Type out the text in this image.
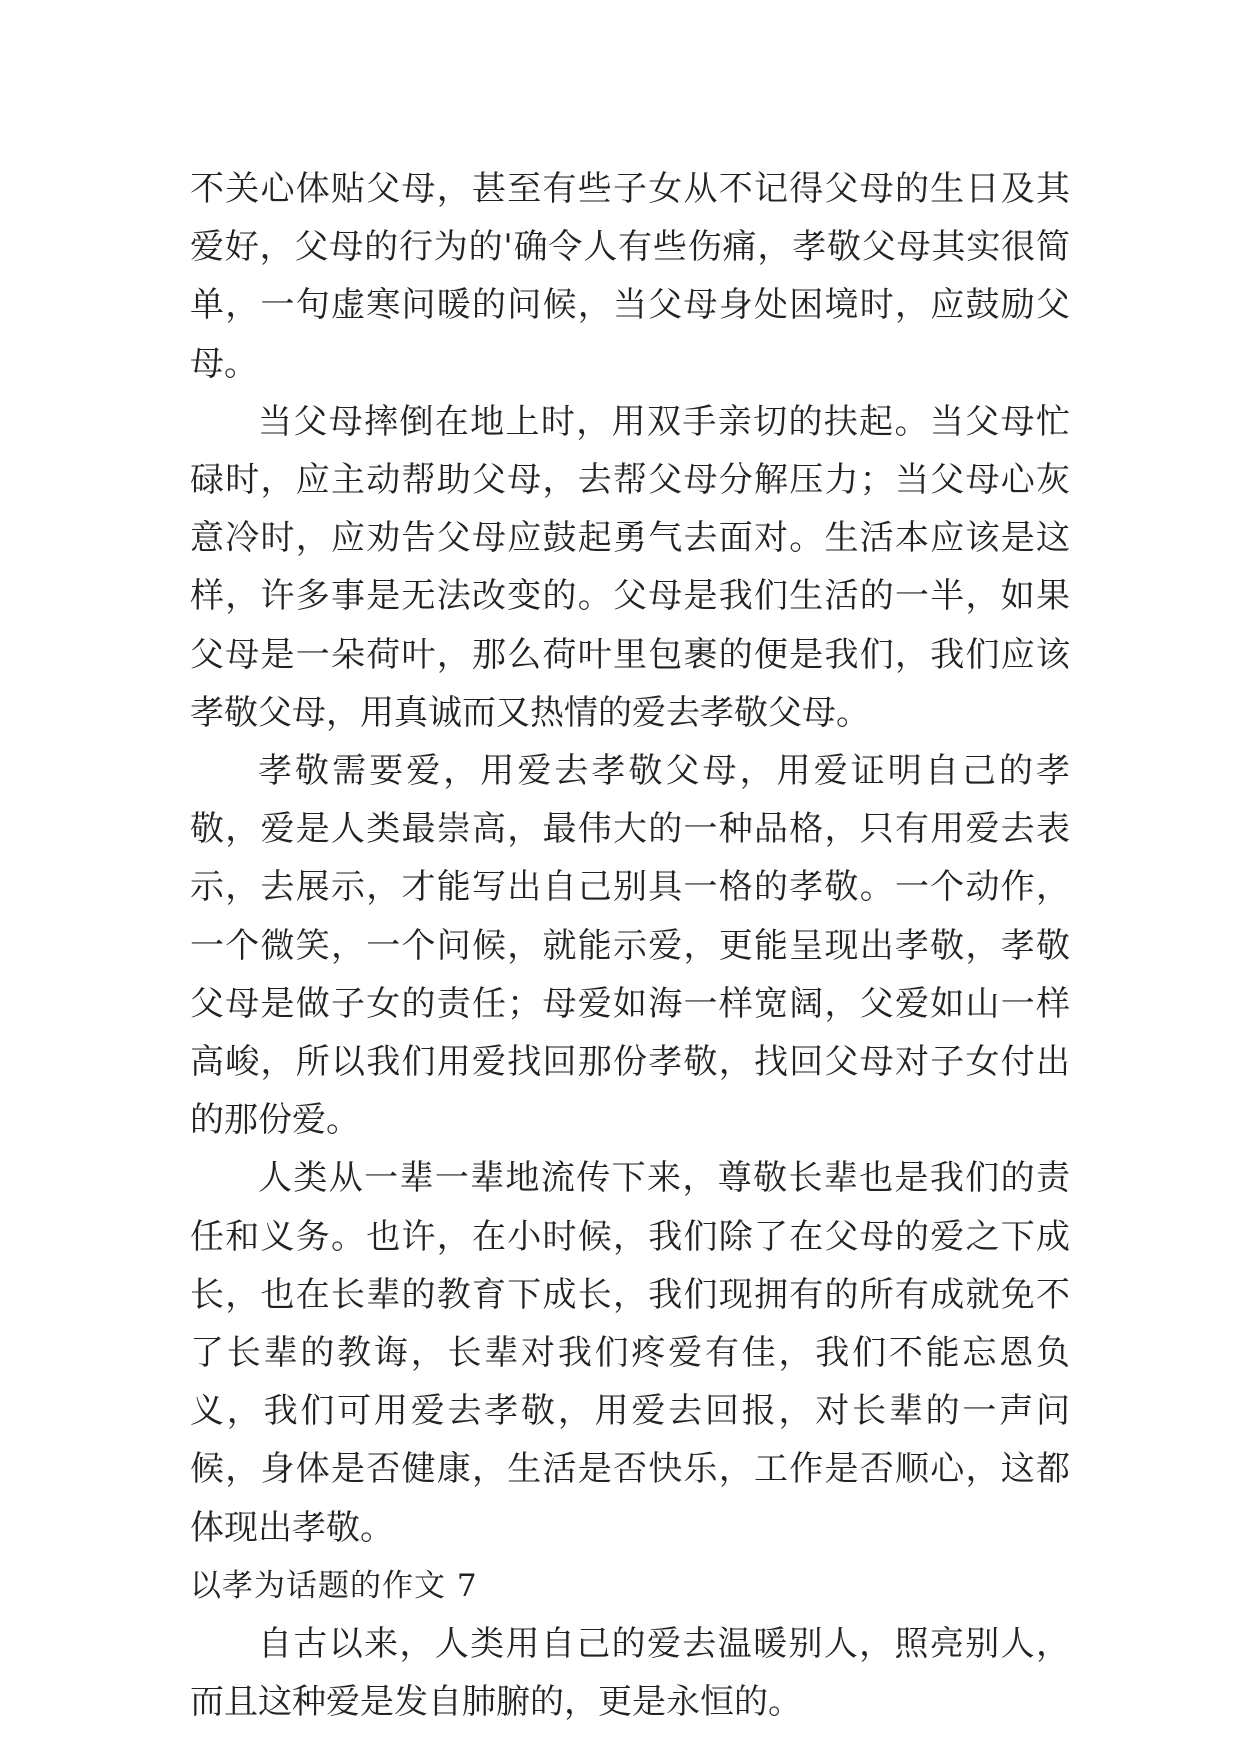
不关心体贴父母，甚至有些子女从不记得父母的生日及其爱好，父母的行为的'确令人有些伤痛，孝敬父母其实很简单，一句虚寒问暖的问候，当父母身处困境时，应鼓励父母。

当父母摔倒在地上时，用双手亲切的扶起。当父母忙碌时，应主动帮助父母，去帮父母分解压力；当父母心灰意冷时，应劝告父母应鼓起勇气去面对。生活本应该是这样，许多事是无法改变的。父母是我们生活的一半，如果父母是一朵荷叶，那么荷叶里包裹的便是我们，我们应该孝敬父母，用真诚而又热情的爱去孝敬父母。

孝敬需要爱，用爱去孝敬父母，用爱证明自己的孝敬，爱是人类最崇高，最伟大的一种品格，只有用爱去表示，去展示，才能写出自己别具一格的孝敬。一个动作，一个微笑，一个问候，就能示爱，更能呈现出孝敬，孝敬父母是做子女的责任；母爱如海一样宽阔，父爱如山一样高峻，所以我们用爱找回那份孝敬，找回父母对子女付出的那份爱。

人类从一辈一辈地流传下来，尊敬长辈也是我们的责任和义务。也许，在小时候，我们除了在父母的爱之下成长，也在长辈的教育下成长，我们现拥有的所有成就免不了长辈的教诲，长辈对我们疼爱有佳，我们不能忘恩负义，我们可用爱去孝敬，用爱去回报，对长辈的一声问候，身体是否健康，生活是否快乐，工作是否顺心，这都体现出孝敬。

以孝为话题的作文 7

自古以来，人类用自己的爱去温暖别人，照亮别人，而且这种爱是发自肺腑的，更是永恒的。
